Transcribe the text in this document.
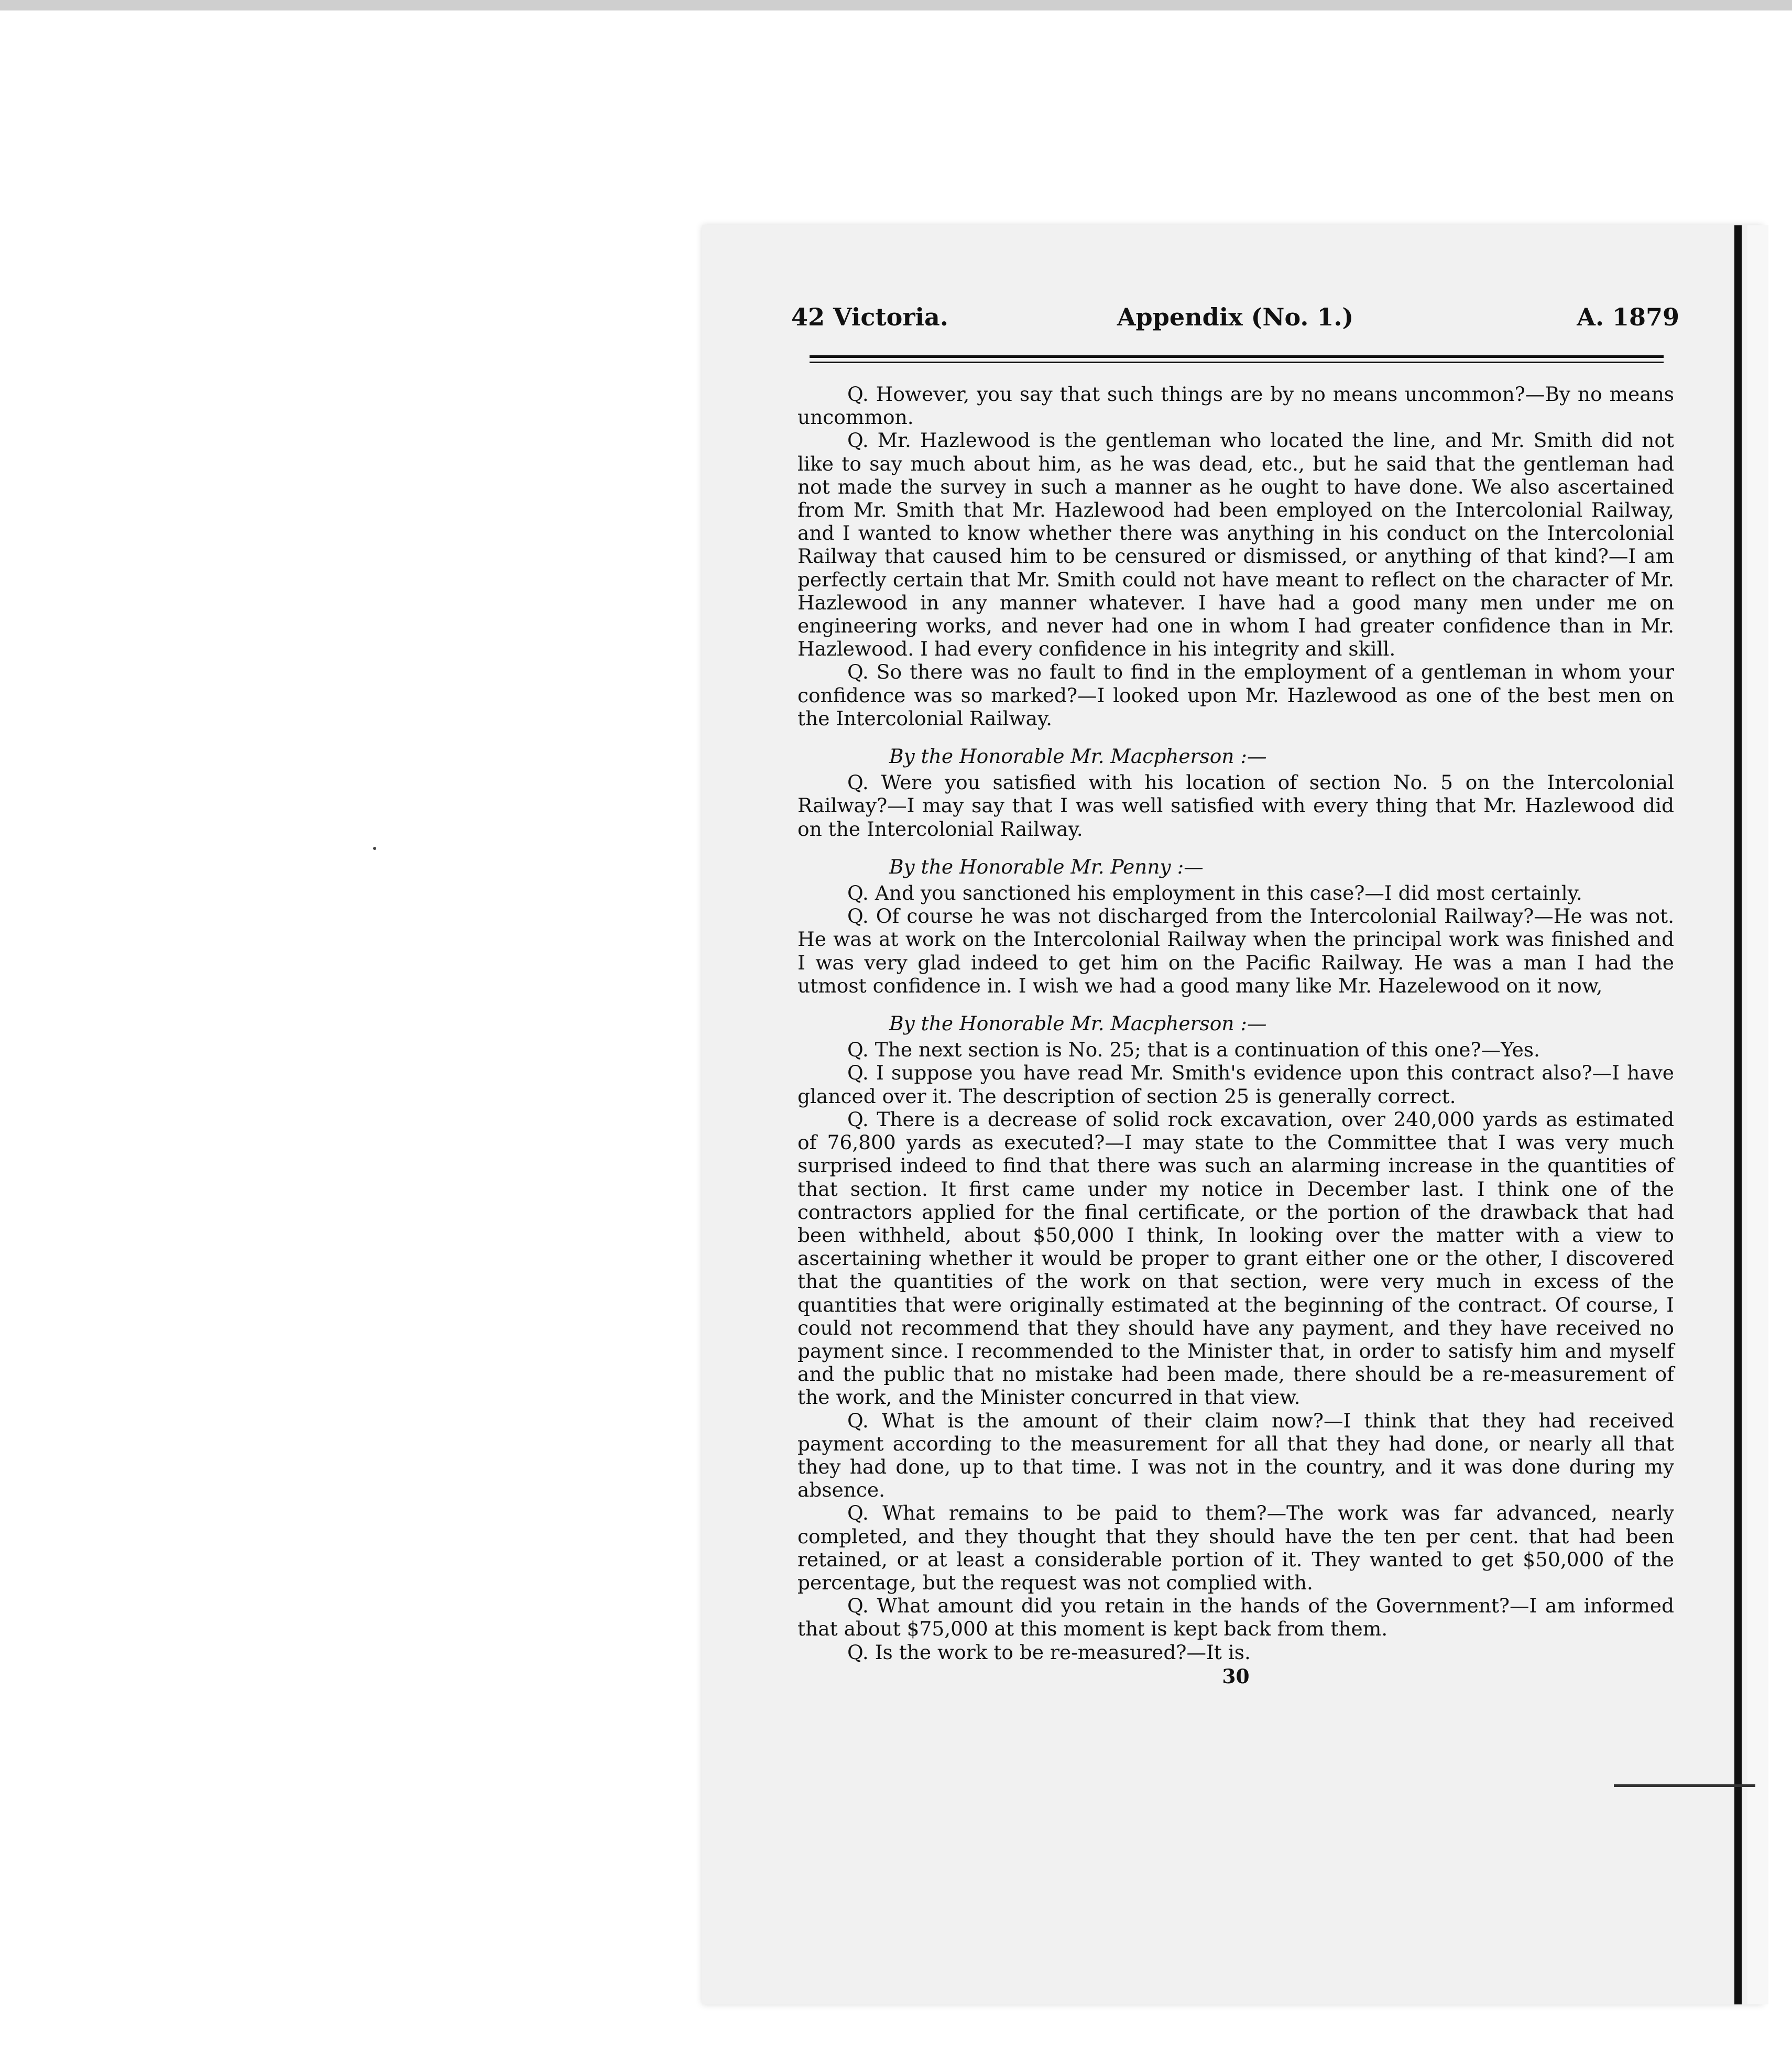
42 Victoria.	Appendix (No. 1.)	A. 1879

Q. However, you say that such things are by no means uncommon?—By no means uncommon.

Q. Mr. Hazlewood is the gentleman who located the line, and Mr. Smith did not like to say much about him, as he was dead, etc., but he said that the gentleman had not made the survey in such a manner as he ought to have done. We also ascertained from Mr. Smith that Mr. Hazlewood had been employed on the Intercolonial Railway, and I wanted to know whether there was anything in his conduct on the Intercolonial Railway that caused him to be censured or dismissed, or anything of that kind?—I am perfectly certain that Mr. Smith could not have meant to reflect on the character of Mr. Hazlewood in any manner whatever. I have had a good many men under me on engineering works, and never had one in whom I had greater confidence than in Mr. Hazlewood. I had every confidence in his integrity and skill.

Q. So there was no fault to find in the employment of a gentleman in whom your confidence was so marked?—I looked upon Mr. Hazlewood as one of the best men on the Intercolonial Railway.

By the Honorable Mr. Macpherson :—

Q. Were you satisfied with his location of section No. 5 on the Intercolonial Railway?—I may say that I was well satisfied with every thing that Mr. Hazlewood did on the Intercolonial Railway.

By the Honorable Mr. Penny :—

Q. And you sanctioned his employment in this case?—I did most certainly.

Q. Of course he was not discharged from the Intercolonial Railway?—He was not. He was at work on the Intercolonial Railway when the principal work was finished and I was very glad indeed to get him on the Pacific Railway. He was a man I had the utmost confidence in. I wish we had a good many like Mr. Hazelewood on it now,

By the Honorable Mr. Macpherson :—

Q. The next section is No. 25; that is a continuation of this one?—Yes.

Q. I suppose you have read Mr. Smith's evidence upon this contract also?—I have glanced over it. The description of section 25 is generally correct.

Q. There is a decrease of solid rock excavation, over 240,000 yards as estimated of 76,800 yards as executed?—I may state to the Committee that I was very much surprised indeed to find that there was such an alarming increase in the quantities of that section. It first came under my notice in December last. I think one of the contractors applied for the final certificate, or the portion of the drawback that had been withheld, about $50,000 I think, In looking over the matter with a view to ascertaining whether it would be proper to grant either one or the other, I discovered that the quantities of the work on that section, were very much in excess of the quantities that were originally estimated at the beginning of the contract. Of course, I could not recommend that they should have any payment, and they have received no payment since. I recommended to the Minister that, in order to satisfy him and myself and the public that no mistake had been made, there should be a re-measurement of the work, and the Minister concurred in that view.

Q. What is the amount of their claim now?—I think that they had received payment according to the measurement for all that they had done, or nearly all that they had done, up to that time. I was not in the country, and it was done during my absence.

Q. What remains to be paid to them?—The work was far advanced, nearly completed, and they thought that they should have the ten per cent. that had been retained, or at least a considerable portion of it. They wanted to get $50,000 of the percentage, but the request was not complied with.

Q. What amount did you retain in the hands of the Government?—I am informed that about $75,000 at this moment is kept back from them.

Q. Is the work to be re-measured?—It is.

30
